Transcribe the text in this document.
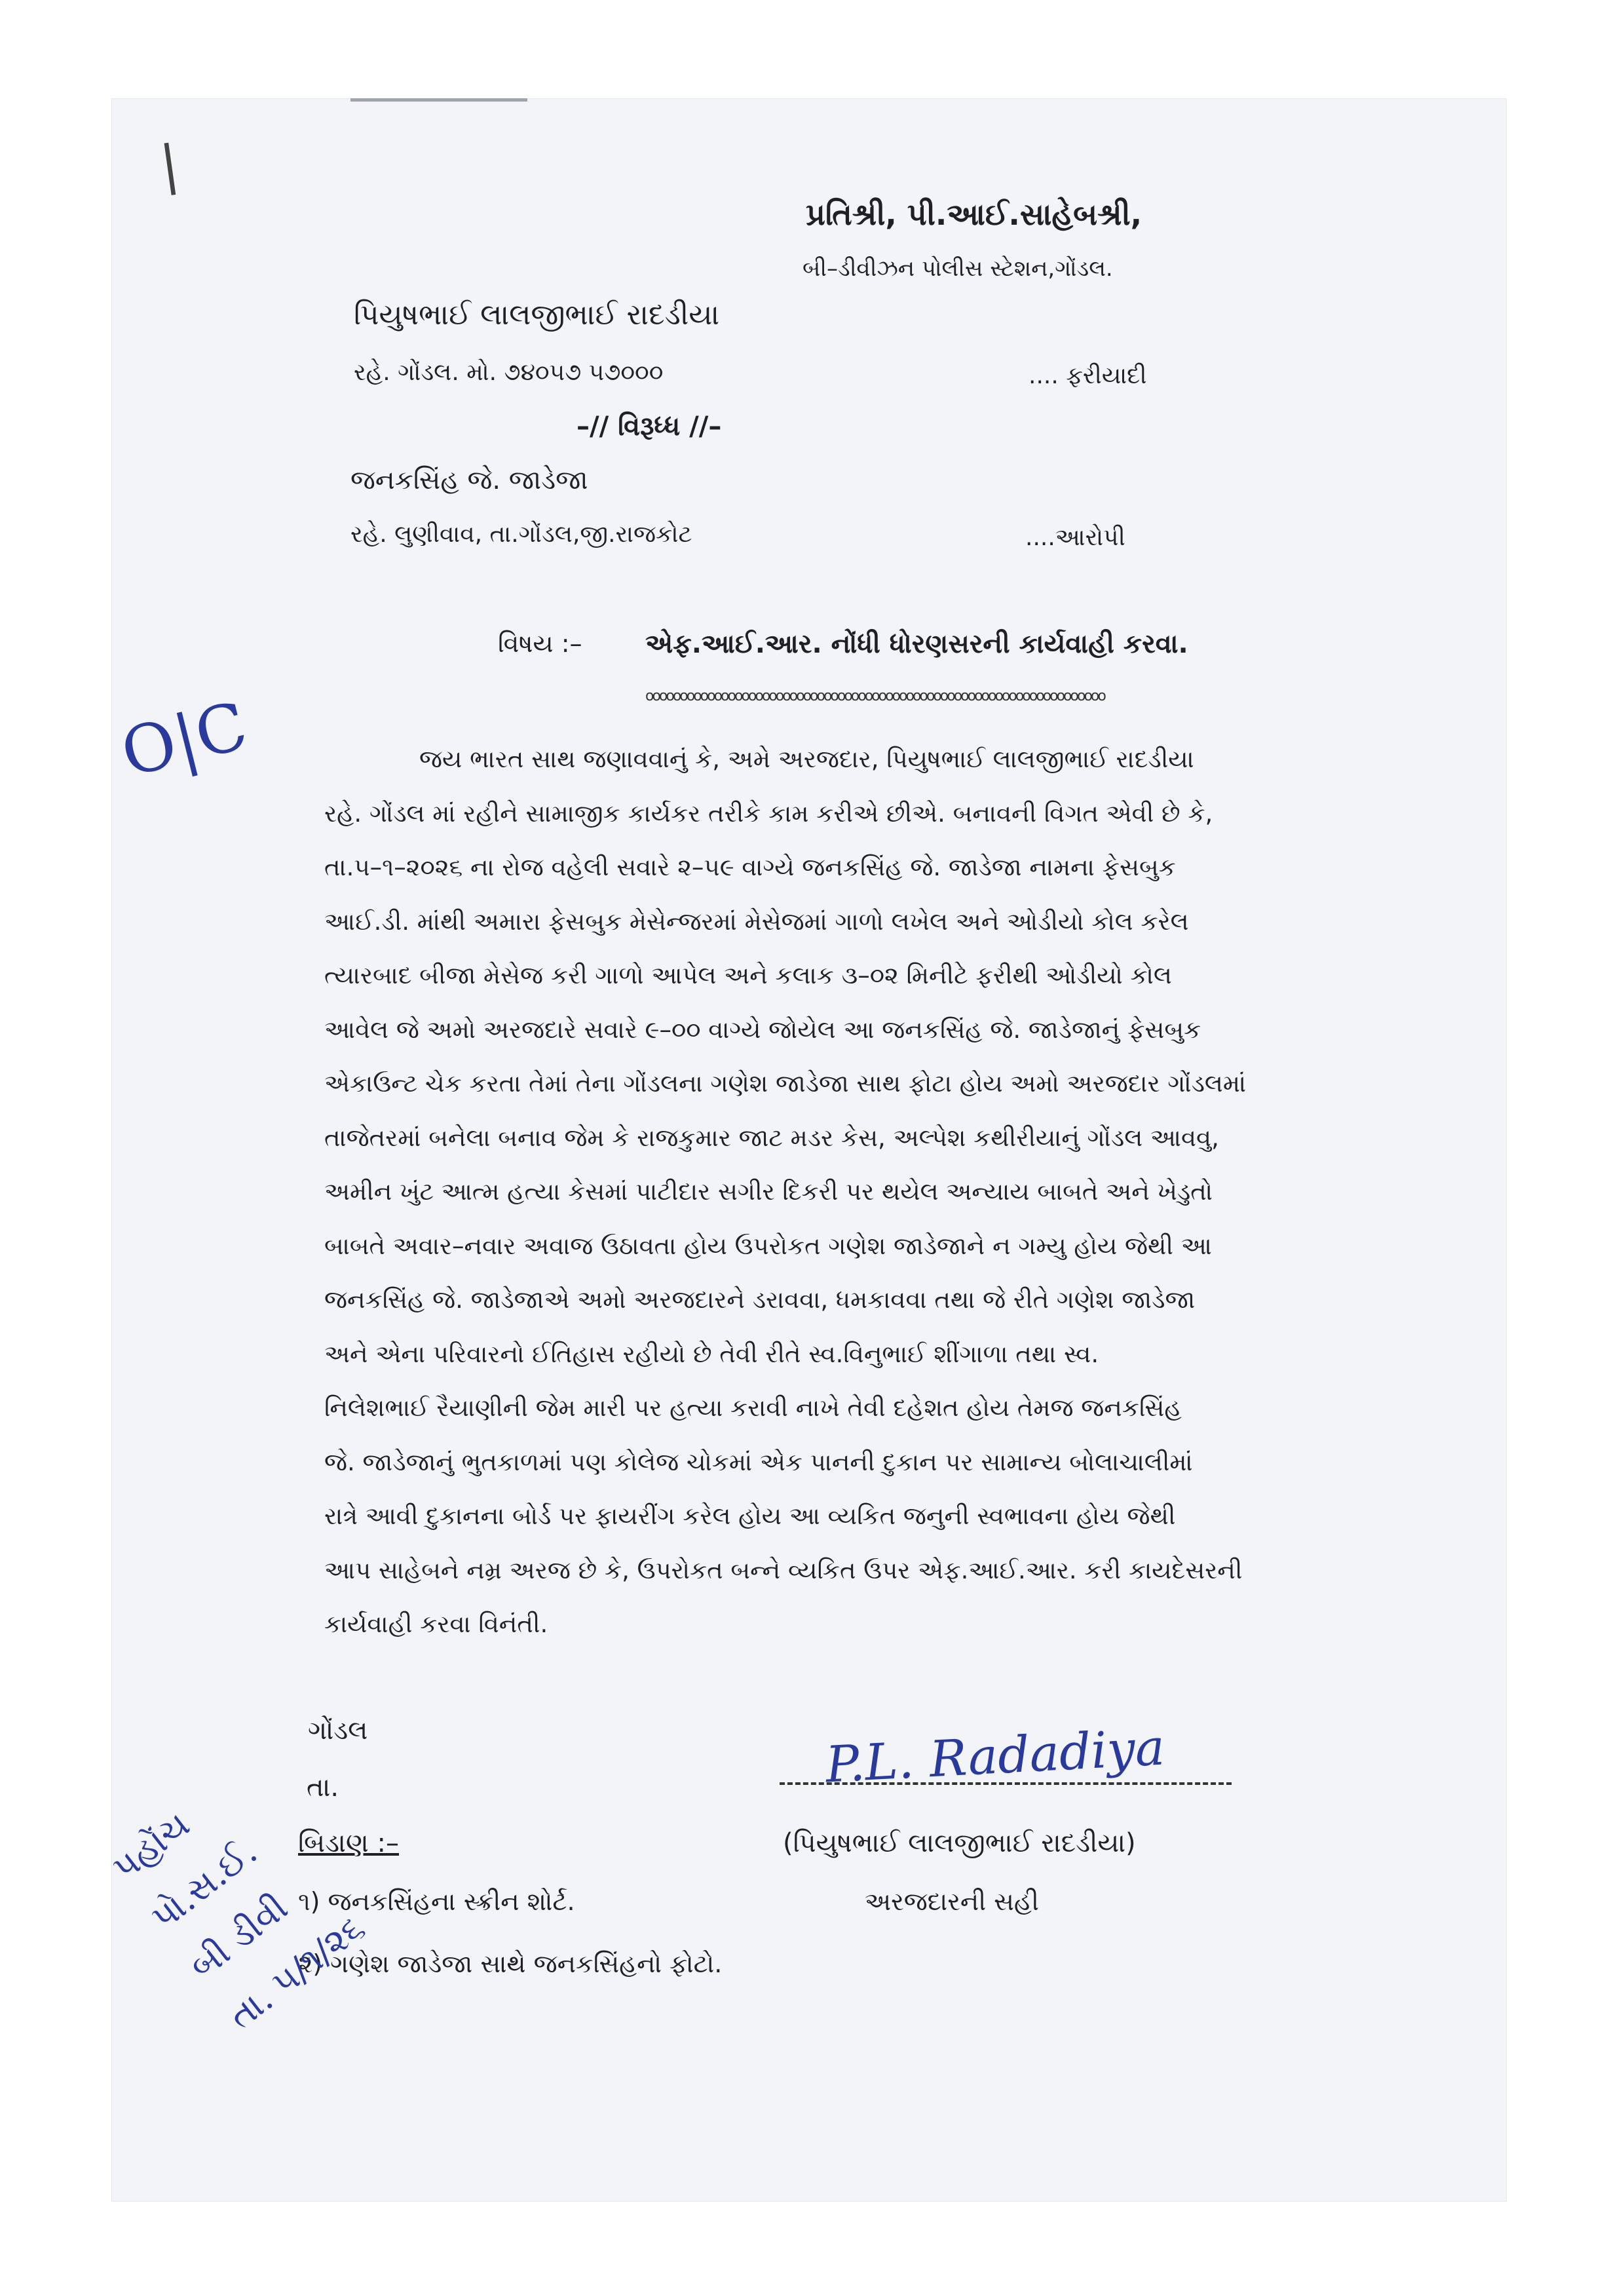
|
પ્રતિશ્રી, પી.આઈ.સાહેબશ્રી,
બી–ડીવીઝન પોલીસ સ્ટેશન,ગોંડલ.
પિયુષભાઈ લાલજીભાઈ રાદડીયા
રહે. ગોંડલ. મો. ૭૪૦૫૭ ૫૭૦૦૦	.... ફરીયાદી
–// વિરૂધ્ધ //–
જનકસિંહ જે. જાડેજા
રહે. લુણીવાવ, તા.ગોંડલ,જી.રાજકોટ	....આરોપી
વિષય :– એફ.આઈ.આર. નોંધી ધોરણસરની કાર્યવાહી કરવા.
ooooooooooooooooooooooooooooooooooooooooooooooooooooooooooooooooooo
O|C	જય ભારત સાથ જણાવવાનું કે, અમે અરજદાર, પિયુષભાઈ લાલજીભાઈ રાદડીયા
રહે. ગોંડલ માં રહીને સામાજીક કાર્યકર તરીકે કામ કરીએ છીએ. બનાવની વિગત એવી છે કે,
તા.૫–૧–૨૦૨૬ ના રોજ વહેલી સવારે ૨–૫૯ વાગ્યે જનકસિંહ જે. જાડેજા નામના ફેસબુક
આઈ.ડી. માંથી અમારા ફેસબુક મેસેન્જરમાં મેસેજમાં ગાળો લખેલ અને ઓડીયો કોલ કરેલ
ત્યારબાદ બીજા મેસેજ કરી ગાળો આપેલ અને કલાક ૩–૦૨ મિનીટે ફરીથી ઓડીયો કોલ
આવેલ જે અમો અરજદારે સવારે ૯–૦૦ વાગ્યે જોયેલ આ જનકસિંહ જે. જાડેજાનું ફેસબુક
એકાઉન્ટ ચેક કરતા તેમાં તેના ગોંડલના ગણેશ જાડેજા સાથ ફોટા હોય અમો અરજદાર ગોંડલમાં
તાજેતરમાં બનેલા બનાવ જેમ કે રાજકુમાર જાટ મડર કેસ, અલ્પેશ કથીરીયાનું ગોંડલ આવવુ,
અમીન ખુંટ આત્મ હત્યા કેસમાં પાટીદાર સગીર દિકરી પર થયેલ અન્યાય બાબતે અને ખેડુતો
બાબતે અવાર–નવાર અવાજ ઉઠાવતા હોય ઉપરોકત ગણેશ જાડેજાને ન ગમ્યુ હોય જેથી આ
જનકસિંહ જે. જાડેજાએ અમો અરજદારને ડરાવવા, ધમકાવવા તથા જે રીતે ગણેશ જાડેજા
અને એના પરિવારનો ઈતિહાસ રહીયો છે તેવી રીતે સ્વ.વિનુભાઈ શીંગાળા તથા સ્વ.
નિલેશભાઈ રૈયાણીની જેમ મારી પર હત્યા કરાવી નાખે તેવી દહેશત હોય તેમજ જનકસિંહ
જે. જાડેજાનું ભુતકાળમાં પણ કોલેજ ચોકમાં એક પાનની દુકાન પર સામાન્ય બોલાચાલીમાં
રાત્રે આવી દુકાનના બોર્ડ પર ફાયરીંગ કરેલ હોય આ વ્યકિત જનુની સ્વભાવના હોય જેથી
આપ સાહેબને નમ્ર અરજ છે કે, ઉપરોકત બન્ને વ્યકિત ઉપર એફ.આઈ.આર. કરી કાયદેસરની
કાર્યવાહી કરવા વિનંતી.
ગોંડલ
તા.	P.L. Radadiya
(પિયુષભાઈ લાલજીભાઈ રાદડીયા)
અરજદારની સહી
બિડાણ :–
૧) જનકસિંહના સ્ક્રીન શોર્ટ.
૨) ગણેશ જાડેજા સાથે જનકસિંહનો ફોટો.
પહોંચ
પો.સ.ઈ.
બી ડીવી
તા. ૫/૧/૨૬
